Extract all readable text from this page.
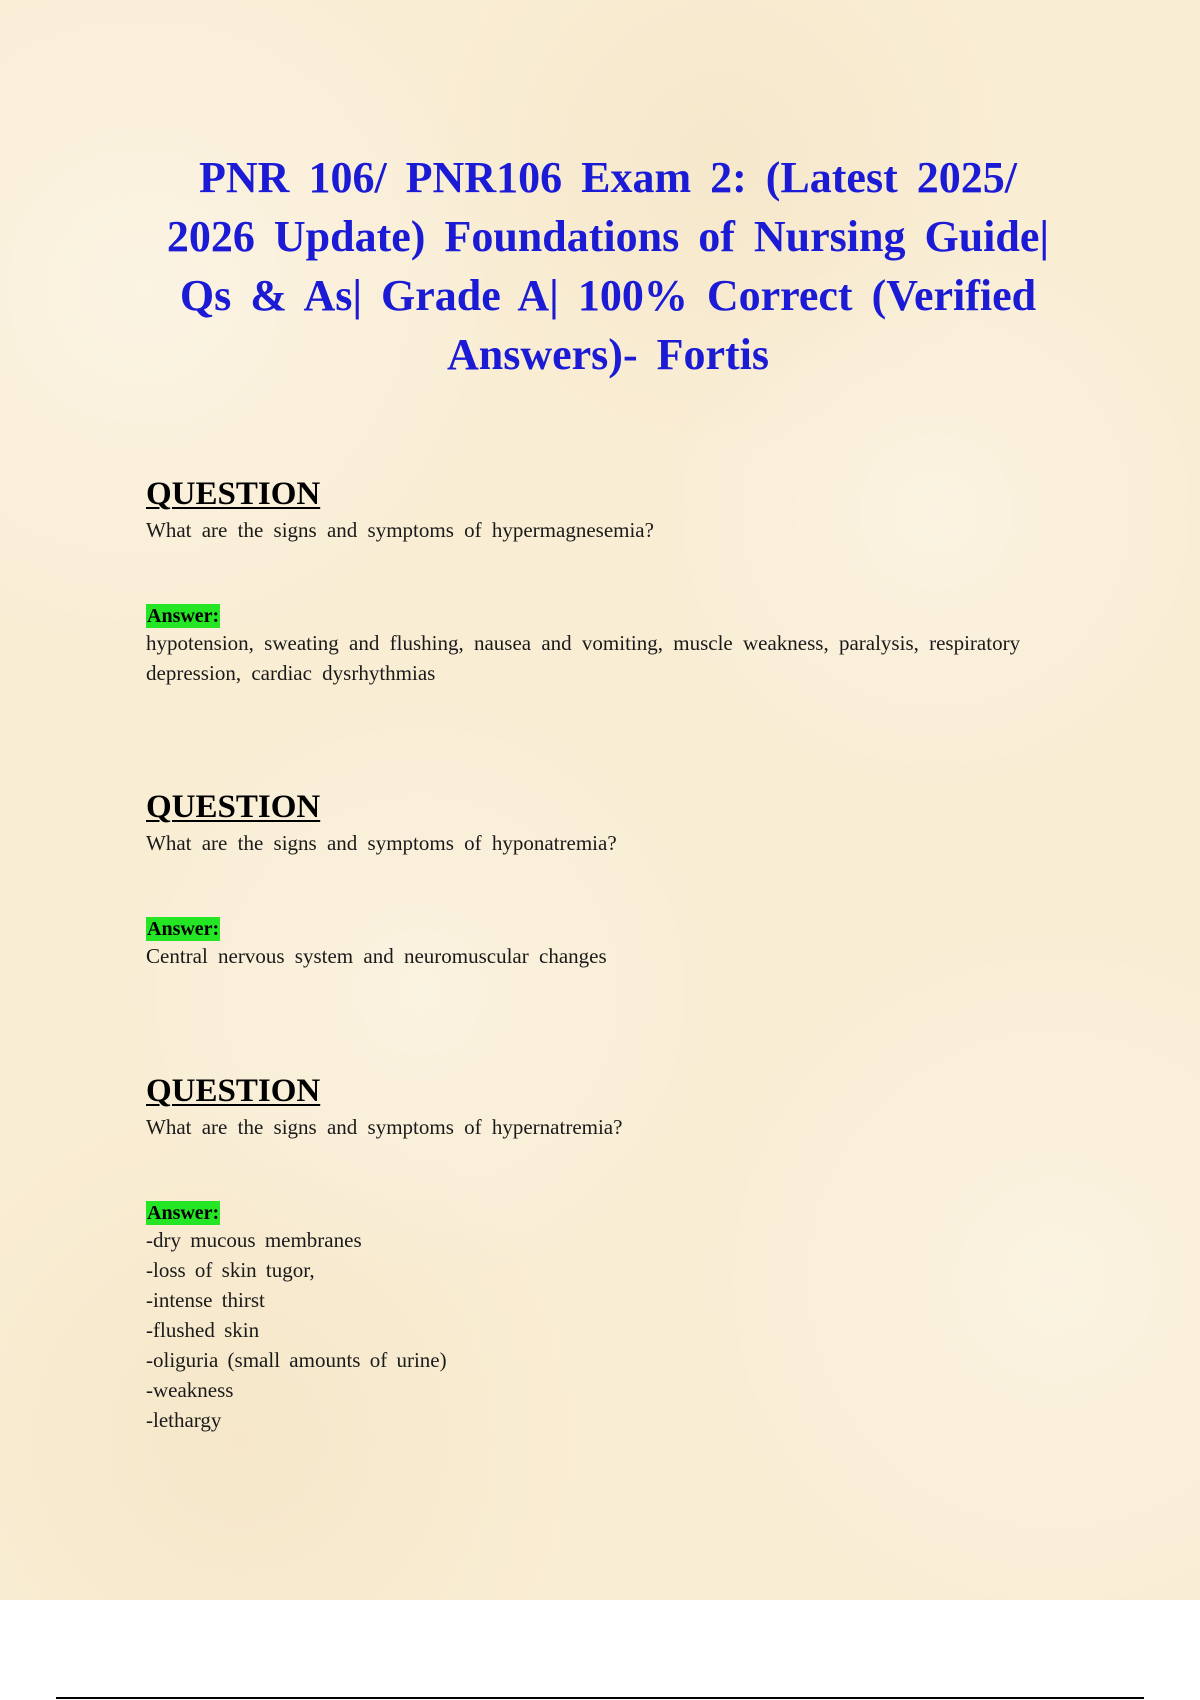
PNR 106/ PNR106 Exam 2: (Latest 2025/ 2026 Update) Foundations of Nursing Guide| Qs & As| Grade A| 100% Correct (Verified Answers)- Fortis
QUESTION
What are the signs and symptoms of hypermagnesemia?
Answer:
hypotension, sweating and flushing, nausea and vomiting, muscle weakness, paralysis, respiratory depression, cardiac dysrhythmias
QUESTION
What are the signs and symptoms of hyponatremia?
Answer:
Central nervous system and neuromuscular changes
QUESTION
What are the signs and symptoms of hypernatremia?
Answer:
-dry mucous membranes
-loss of skin tugor,
-intense thirst
-flushed skin
-oliguria (small amounts of urine)
-weakness
-lethargy
